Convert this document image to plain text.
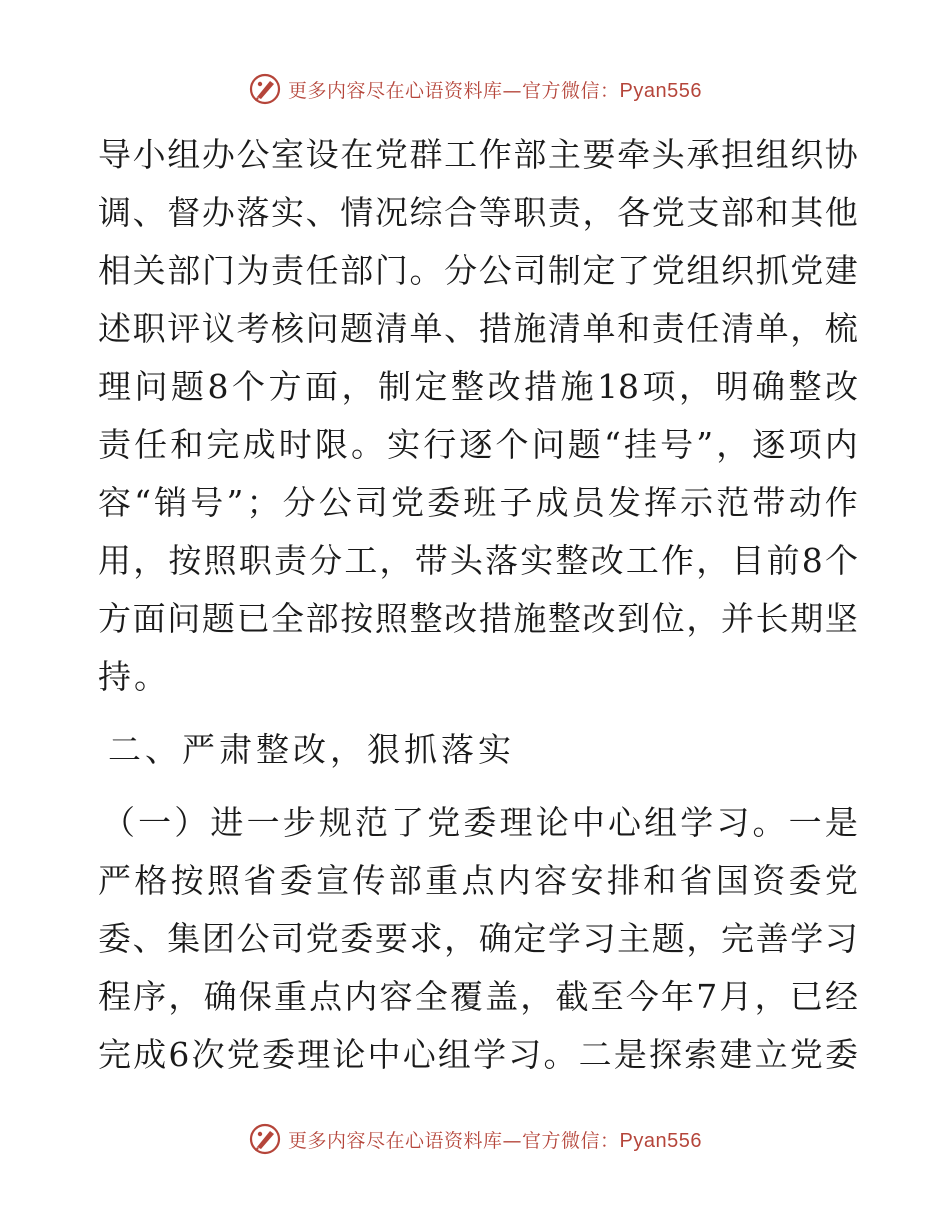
更多内容尽在心语资料库—官方微信：Pyan556
导 小 组 办 公 室 设 在 党 群 工 作 部 主 要 牵 头 承 担 组 织 协
调 、 督 办 落 实 、 情 况 综 合 等 职 责 ， 各 党 支 部 和 其 他
相 关 部 门 为 责 任 部 门 。 分 公 司 制 定 了 党 组 织 抓 党 建
述 职 评 议 考 核 问 题 清 单 、 措 施 清 单 和 责 任 清 单 ， 梳
理 问 题 8 个 方 面 ， 制 定 整 改 措 施 18 项 ， 明 确 整 改
责 任 和 完 成 时 限 。 实 行 逐 个 问 题 “ 挂 号 ” ， 逐 项 内
容 “ 销 号 ” ； 分 公 司 党 委 班 子 成 员 发 挥 示 范 带 动 作
用 ， 按 照 职 责 分 工 ， 带 头 落 实 整 改 工 作 ， 目 前 8 个
方 面 问 题 已 全 部 按 照 整 改 措 施 整 改 到 位 ， 并 长 期 坚
持。
二、严肃整改，狠抓落实
（ 一 ） 进 一 步 规 范 了 党 委 理 论 中 心 组 学 习 。 一 是
严 格 按 照 省 委 宣 传 部 重 点 内 容 安 排 和 省 国 资 委 党
委 、 集 团 公 司 党 委 要 求 ， 确 定 学 习 主 题 ， 完 善 学 习
程 序 ， 确 保 重 点 内 容 全 覆 盖 ， 截 至 今 年 7 月 ， 已 经
完 成 6 次 党 委 理 论 中 心 组 学 习 。 二 是 探 索 建 立 党 委
更多内容尽在心语资料库—官方微信：Pyan556
